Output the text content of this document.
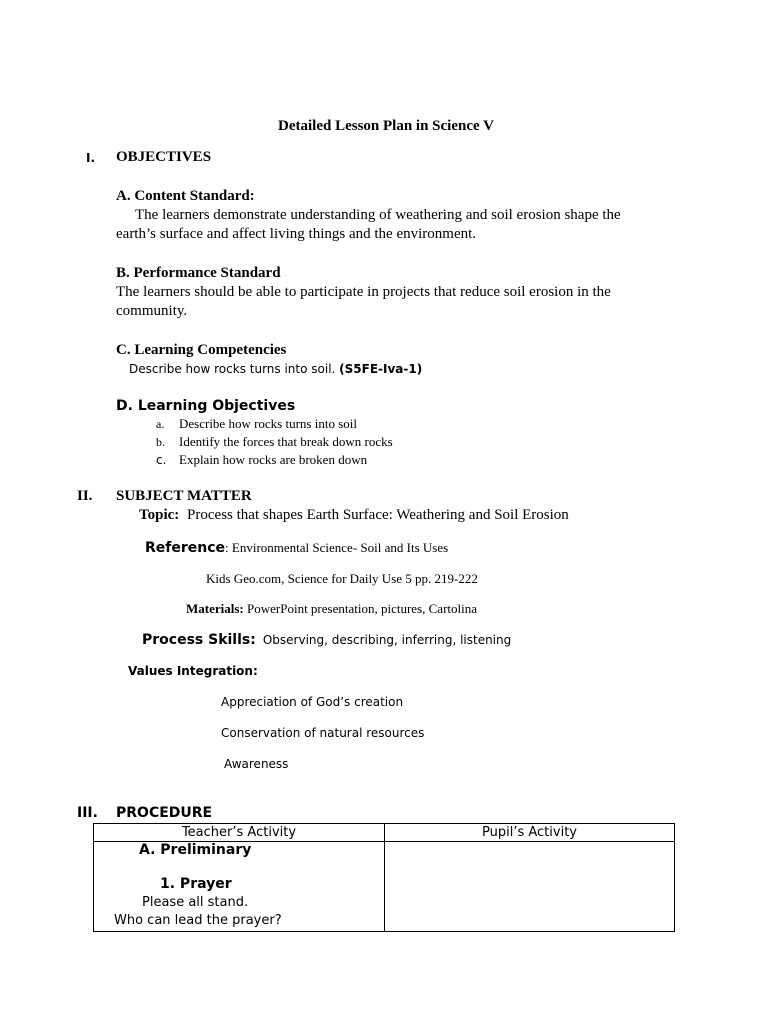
Detailed Lesson Plan in Science V
I. OBJECTIVES
A. Content Standard:
The learners demonstrate understanding of weathering and soil erosion shape the
earth’s surface and affect living things and the environment.
B. Performance Standard
The learners should be able to participate in projects that reduce soil erosion in the
community.
C. Learning Competencies
Describe how rocks turns into soil. (S5FE-Iva-1)
D. Learning Objectives
a. Describe how rocks turns into soil
b. Identify the forces that break down rocks
c. Explain how rocks are broken down
II. SUBJECT MATTER
Topic: Process that shapes Earth Surface: Weathering and Soil Erosion
Reference: Environmental Science- Soil and Its Uses
Kids Geo.com, Science for Daily Use 5 pp. 219-222
Materials: PowerPoint presentation, pictures, Cartolina
Process Skills: Observing, describing, inferring, listening
Values Integration:
Appreciation of God’s creation
Conservation of natural resources
Awareness
III. PROCEDURE
Teacher’s Activity	Pupil’s Activity

A. Preliminary
1. Prayer
Please all stand.
Who can lead the prayer?	
